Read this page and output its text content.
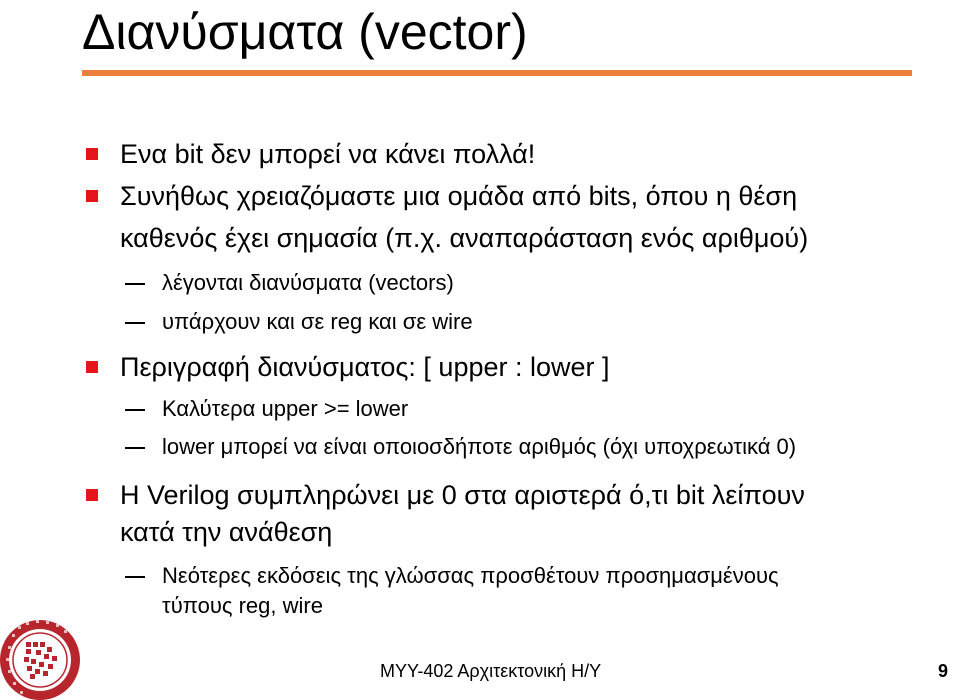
Διανύσματα (vector)
Ενα bit δεν μπορεί να κάνει πολλά!
Συνήθως χρειαζόμαστε μια ομάδα από bits, όπου η θέση
καθενός έχει σημασία (π.χ. αναπαράσταση ενός αριθμού)
λέγονται διανύσματα (vectors)
υπάρχουν και σε reg και σε wire
Περιγραφή διανύσματος: [ upper : lower ]
Καλύτερα upper >= lower
lower μπορεί να είναι οποιοσδήποτε αριθμός (όχι υποχρεωτικά 0)
Η Verilog συμπληρώνει με 0 στα αριστερά ό,τι bit λείπουν
κατά την ανάθεση
Νεότερες εκδόσεις της γλώσσας προσθέτουν προσημασμένους
τύπους reg, wire
ΜΥΥ-402 Αρχιτεκτονική Η/Υ	9
